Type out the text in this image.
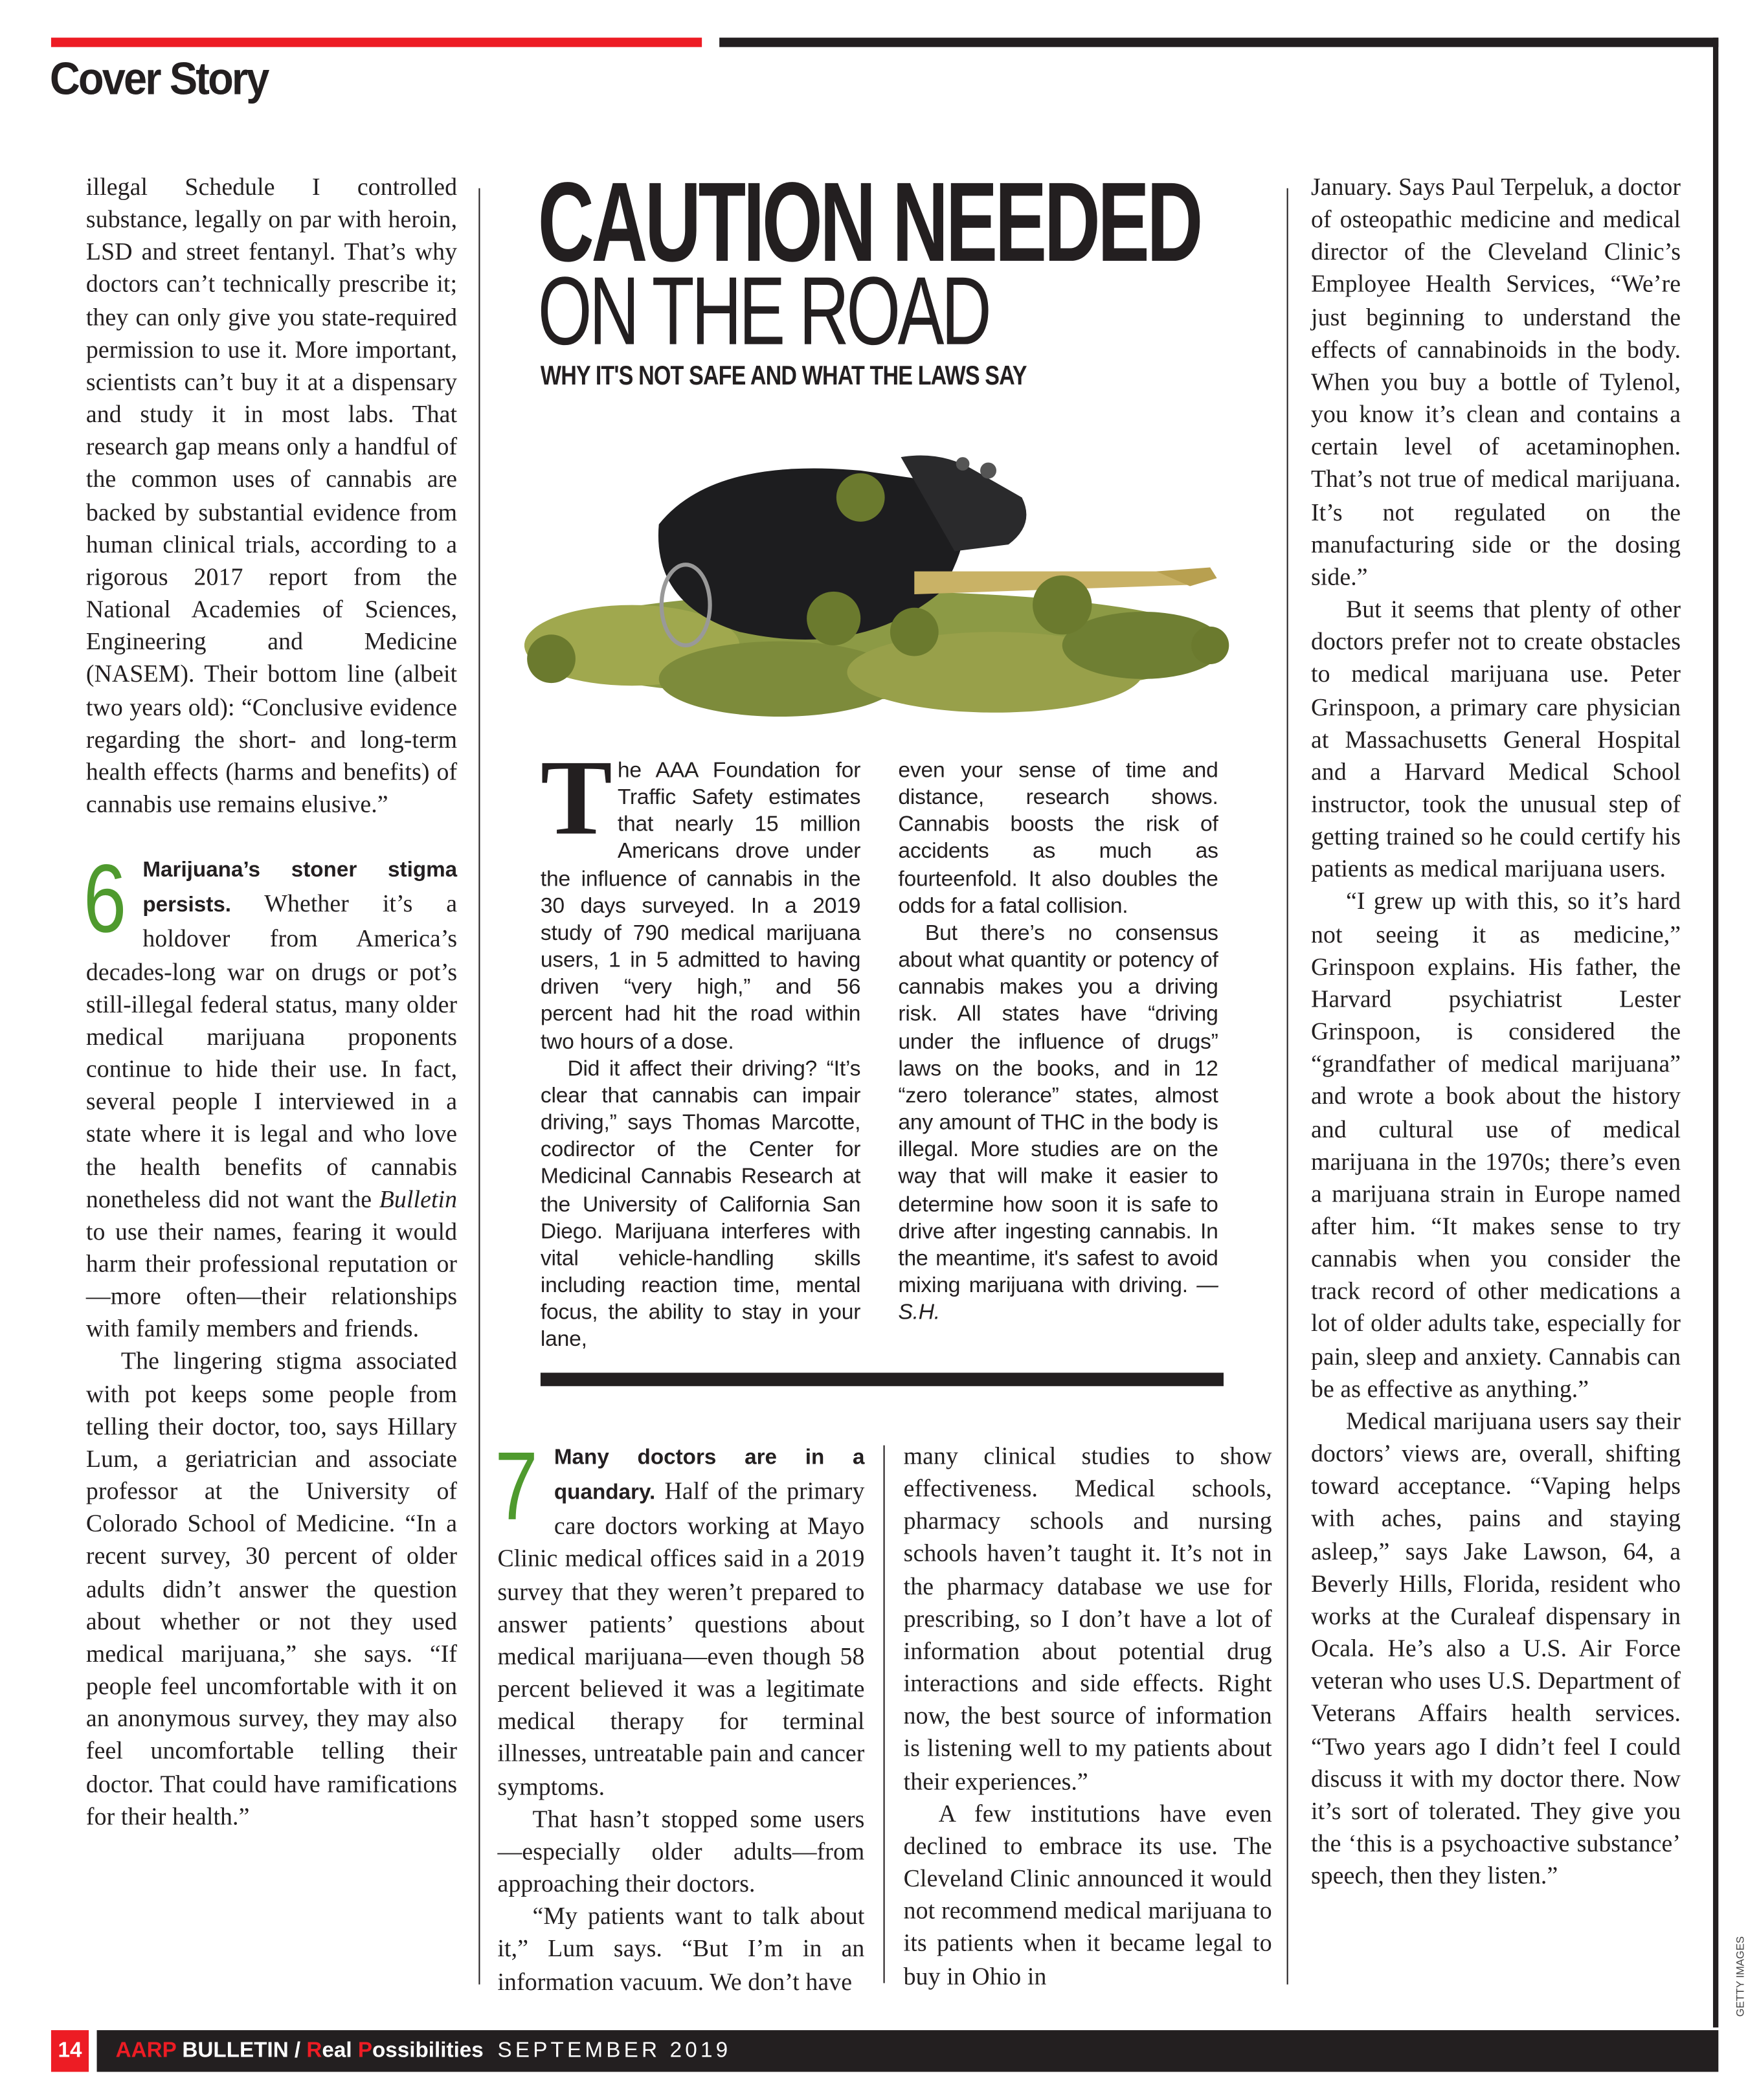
Cover Story

illegal Schedule I controlled substance, legally on par with heroin, LSD and street fentanyl. That’s why doctors can’t technically prescribe it; they can only give you state-required permission to use it. More important, scientists can’t buy it at a dispensary and study it in most labs. That research gap means only a handful of the common uses of cannabis are backed by substantial evidence from human clinical trials, according to a rigorous 2017 report from the National Academies of Sciences, Engineering and Medicine (NASEM). Their bottom line (albeit two years old): “Conclusive evidence regarding the short- and long-term health effects (harms and benefits) of cannabis use remains elusive.”

6 Marijuana’s stoner stigma persists. Whether it’s a holdover from America’s decades-long war on drugs or pot’s still-illegal federal status, many older medical marijuana proponents continue to hide their use. In fact, several people I interviewed in a state where it is legal and who love the health benefits of cannabis nonetheless did not want the Bulletin to use their names, fearing it would harm their professional reputation or—more often—their relationships with family members and friends.

The lingering stigma associated with pot keeps some people from telling their doctor, too, says Hillary Lum, a geriatrician and associate professor at the University of Colorado School of Medicine. “In a recent survey, 30 percent of older adults didn’t answer the question about whether or not they used medical marijuana,” she says. “If people feel uncomfortable with it on an anonymous survey, they may also feel uncomfortable telling their doctor. That could have ramifications for their health.”

CAUTION NEEDED
ON THE ROAD
WHY IT'S NOT SAFE AND WHAT THE LAWS SAY

The AAA Foundation for Traffic Safety estimates that nearly 15 million Americans drove under the influence of cannabis in the 30 days surveyed. In a 2019 study of 790 medical marijuana users, 1 in 5 admitted to having driven “very high,” and 56 percent had hit the road within two hours of a dose.

Did it affect their driving? “It’s clear that cannabis can impair driving,” says Thomas Marcotte, codirector of the Center for Medicinal Cannabis Research at the University of California San Diego. Marijuana interferes with vital vehicle-handling skills including reaction time, mental focus, the ability to stay in your lane,

even your sense of time and distance, research shows. Cannabis boosts the risk of accidents as much as fourteenfold. It also doubles the odds for a fatal collision.

But there’s no consensus about what quantity or potency of cannabis makes you a driving risk. All states have “driving under the influence of drugs” laws on the books, and in 12 “zero tolerance” states, almost any amount of THC in the body is illegal. More studies are on the way that will make it easier to determine how soon it is safe to drive after ingesting cannabis. In the meantime, it's safest to avoid mixing marijuana with driving. —S.H.

7 Many doctors are in a quandary. Half of the primary care doctors working at Mayo Clinic medical offices said in a 2019 survey that they weren’t prepared to answer patients’ questions about medical marijuana—even though 58 percent believed it was a legitimate medical therapy for terminal illnesses, untreatable pain and cancer symptoms.

That hasn’t stopped some users —especially older adults—from approaching their doctors.

“My patients want to talk about it,” Lum says. “But I’m in an information vacuum. We don’t have

many clinical studies to show effectiveness. Medical schools, pharmacy schools and nursing schools haven’t taught it. It’s not in the pharmacy database we use for prescribing, so I don’t have a lot of information about potential drug interactions and side effects. Right now, the best source of information is listening well to my patients about their experiences.”

A few institutions have even declined to embrace its use. The Cleveland Clinic announced it would not recommend medical marijuana to its patients when it became legal to buy in Ohio in

January. Says Paul Terpeluk, a doctor of osteopathic medicine and medical director of the Cleveland Clinic’s Employee Health Services, “We’re just beginning to understand the effects of cannabinoids in the body. When you buy a bottle of Tylenol, you know it’s clean and contains a certain level of acetaminophen. That’s not true of medical marijuana. It’s not regulated on the manufacturing side or the dosing side.”

But it seems that plenty of other doctors prefer not to create obstacles to medical marijuana use. Peter Grinspoon, a primary care physician at Massachusetts General Hospital and a Harvard Medical School instructor, took the unusual step of getting trained so he could certify his patients as medical marijuana users.

“I grew up with this, so it’s hard not seeing it as medicine,” Grinspoon explains. His father, the Harvard psychiatrist Lester Grinspoon, is considered the “grandfather of medical marijuana” and wrote a book about the history and cultural use of medical marijuana in the 1970s; there’s even a marijuana strain in Europe named after him. “It makes sense to try cannabis when you consider the track record of other medications a lot of older adults take, especially for pain, sleep and anxiety. Cannabis can be as effective as anything.”

Medical marijuana users say their doctors’ views are, overall, shifting toward acceptance. “Vaping helps with aches, pains and staying asleep,” says Jake Lawson, 64, a Beverly Hills, Florida, resident who works at the Curaleaf dispensary in Ocala. He’s also a U.S. Air Force veteran who uses U.S. Department of Veterans Affairs health services. “Two years ago I didn’t feel I could discuss it with my doctor there. Now it’s sort of tolerated. They give you the ‘this is a psychoactive substance’ speech, then they listen.”

GETTY IMAGES
14	AARP BULLETIN / Real Possibilities SEPTEMBER 2019
